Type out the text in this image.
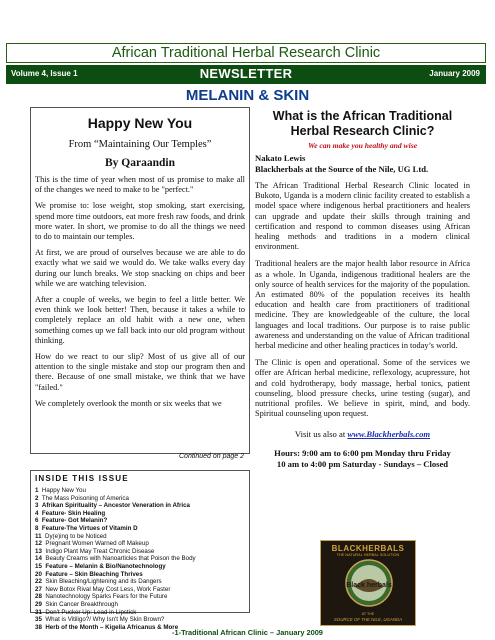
African Traditional Herbal Research Clinic
Volume 4, Issue 1	NEWSLETTER	January 2009
MELANIN & SKIN
Happy New You
From “Maintaining Our Temples”
By Qaraandin

This is the time of year when most of us promise to make all of the changes we need to make to be "perfect."

We promise to: lose weight, stop smoking, start exercising, spend more time outdoors, eat more fresh raw foods, and drink more water. In short, we promise to do all the things we need to do to maintain our temples.

At first, we are proud of ourselves because we are able to do exactly what we said we would do. We take walks every day during our lunch breaks. We stop snacking on chips and beer while we are watching television.

After a couple of weeks, we begin to feel a little better. We even think we look better! Then, because it takes a while to completely replace an old habit with a new one, when something comes up we fall back into our old program without thinking.

How do we react to our slip? Most of us give all of our attention to the single mistake and stop our program then and there. Because of one small mistake, we think that we have "failed."

We completely overlook the month or six weeks that we

Continued on page 2
INSIDE THIS ISSUE
1 Happy New You
2 The Mass Poisoning of America
3 Afrikan Spirituality – Ancestor Veneration in Africa
4 Feature- Skin Healing
6 Feature- Got Melanin?
8 Feature-The Virtues of Vitamin D
11 Dy(e)ing to be Noticed
12 Pregnant Women Warned off Makeup
13 Indigo Plant May Treat Chronic Disease
14 Beauty Creams with Nanoarticles that Poison the Body
15 Feature – Melanin & Bio/Nanotechnology
20 Feature – Skin Bleaching Thrives
22 Skin Bleaching/Lightening and its Dangers
27 New Botox Rival May Cost Less, Work Faster
28 Nanotechnology Sparks Fears for the Future
29 Skin Cancer Breakthrough
31 Don't Pucker Up: Lead in Lipstick
35 What is Vitiligo?/ Why Isn't My Skin Brown?
38 Herb of the Month – Kigelia Africanus & More
What is the African Traditional
Herbal Research Clinic?
We can make you healthy and wise
Nakato Lewis
Blackherbals at the Source of the Nile, UG Ltd.

The African Traditional Herbal Research Clinic located in Bukoto, Uganda is a modern clinic facility created to establish a model space where indigenous herbal practitioners and healers can upgrade and update their skills through training and certification and respond to common diseases using African healing methods and traditions in a modern clinical environment.

Traditional healers are the major health labor resource in Africa as a whole. In Uganda, indigenous traditional healers are the only source of health services for the majority of the population. An estimated 80% of the population receives its health education and health care from practitioners of traditional medicine. They are knowledgeable of the culture, the local languages and local traditions. Our purpose is to raise public awareness and understanding on the value of African traditional herbal medicine and other healing practices in today’s world.

The Clinic is open and operational. Some of the services we offer are African herbal medicine, reflexology, acupressure, hot and cold hydrotherapy, body massage, herbal tonics, patient counseling, blood pressure checks, urine testing (sugar), and nutritional profiles. We believe in spirit, mind, and body. Spiritual counseling upon request.

Visit us also at www.Blackherbals.com
Hours: 9:00 am to 6:00 pm Monday thru Friday
10 am to 4:00 pm Saturday - Sundays – Closed
BLACKHERBALS
THE NATURAL HERBAL SOLUTION
Black herbals
AT THE
SOURCE OF THE NILE, UGANDA
-1-Traditional African Clinic – January 2009
